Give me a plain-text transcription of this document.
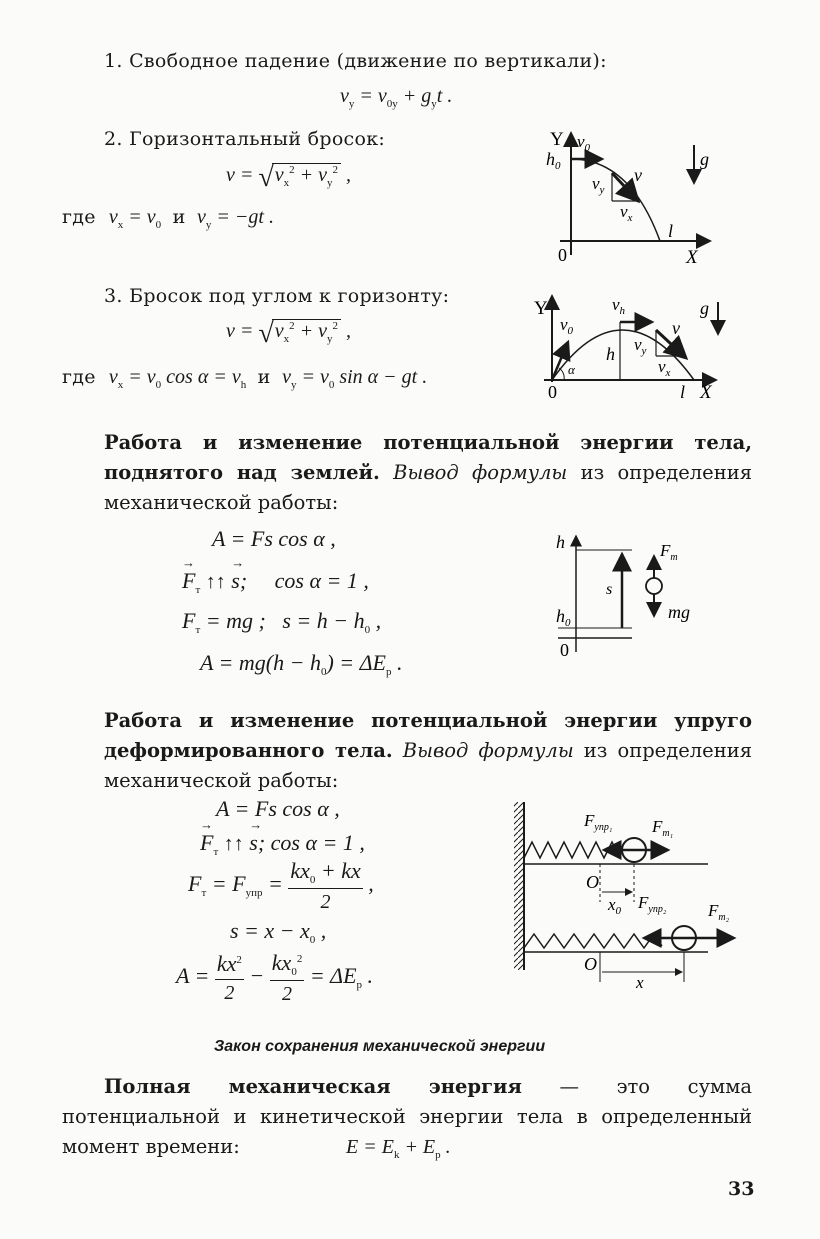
1. Свободное падение (движение по вертикали):
$v_y = v_{0y} + g_yt$ .
2. Горизонтальный бросок:
$v = √v_x^2 + v_y^2$ ,
где $v_x = v_0$  и  $v_y = -gt$ .
Y $v_0$
$h_0$
$v_y$
v
$v_x$
g
l
0	X
3. Бросок под углом к горизонту:
$v = √v_x^2 + v_y^2$ ,
где $v_x = v_0$ $\cos \alpha = v_h$  и  $v_y = v_0$ sin α − gt .
Y
$v_0$
$v_h$	g
v
h $v_y$
$v_x$
α
0	l X
Работа и изменение потенциальной энергии тела, поднятого над землей. Вывод формулы из определения механической работы:
A = Fs cos α ,
→ $F_т$ ↑↑ → s;     cos α = 1 ,
$F_т$ = mg ;   $s = h - h_0$ ,
$A = mg(h - h_0) = \Delta E_p$ .
h	$F_т$
s
$h_0$
mg
0
Работа и изменение потенциальной энергии упруго деформированного тела. Вывод формулы из определения механической работы:
A = Fs cos α ,
→ $F_т$ ↑↑ → s; cos α = 1 ,
$F_т = F_{упр} = \frac{kx_0 + kx}{2}$ ,
$s = x - x_0$ ,
$A = \frac{kx^2}{2} - \frac{kx_0^2}{2} = \Delta E_p$ .
$F_{упр_1}$ $F_{т_1}$
O
$x_0$ $F_{упр_2}$ $F_{т_2}$
O
x
Закон сохранения механической энергии
Полная механическая энергия — это сумма потенциальной и кинетической энергии тела в определенный момент времени:	$E = E_k + E_p$ .
33
